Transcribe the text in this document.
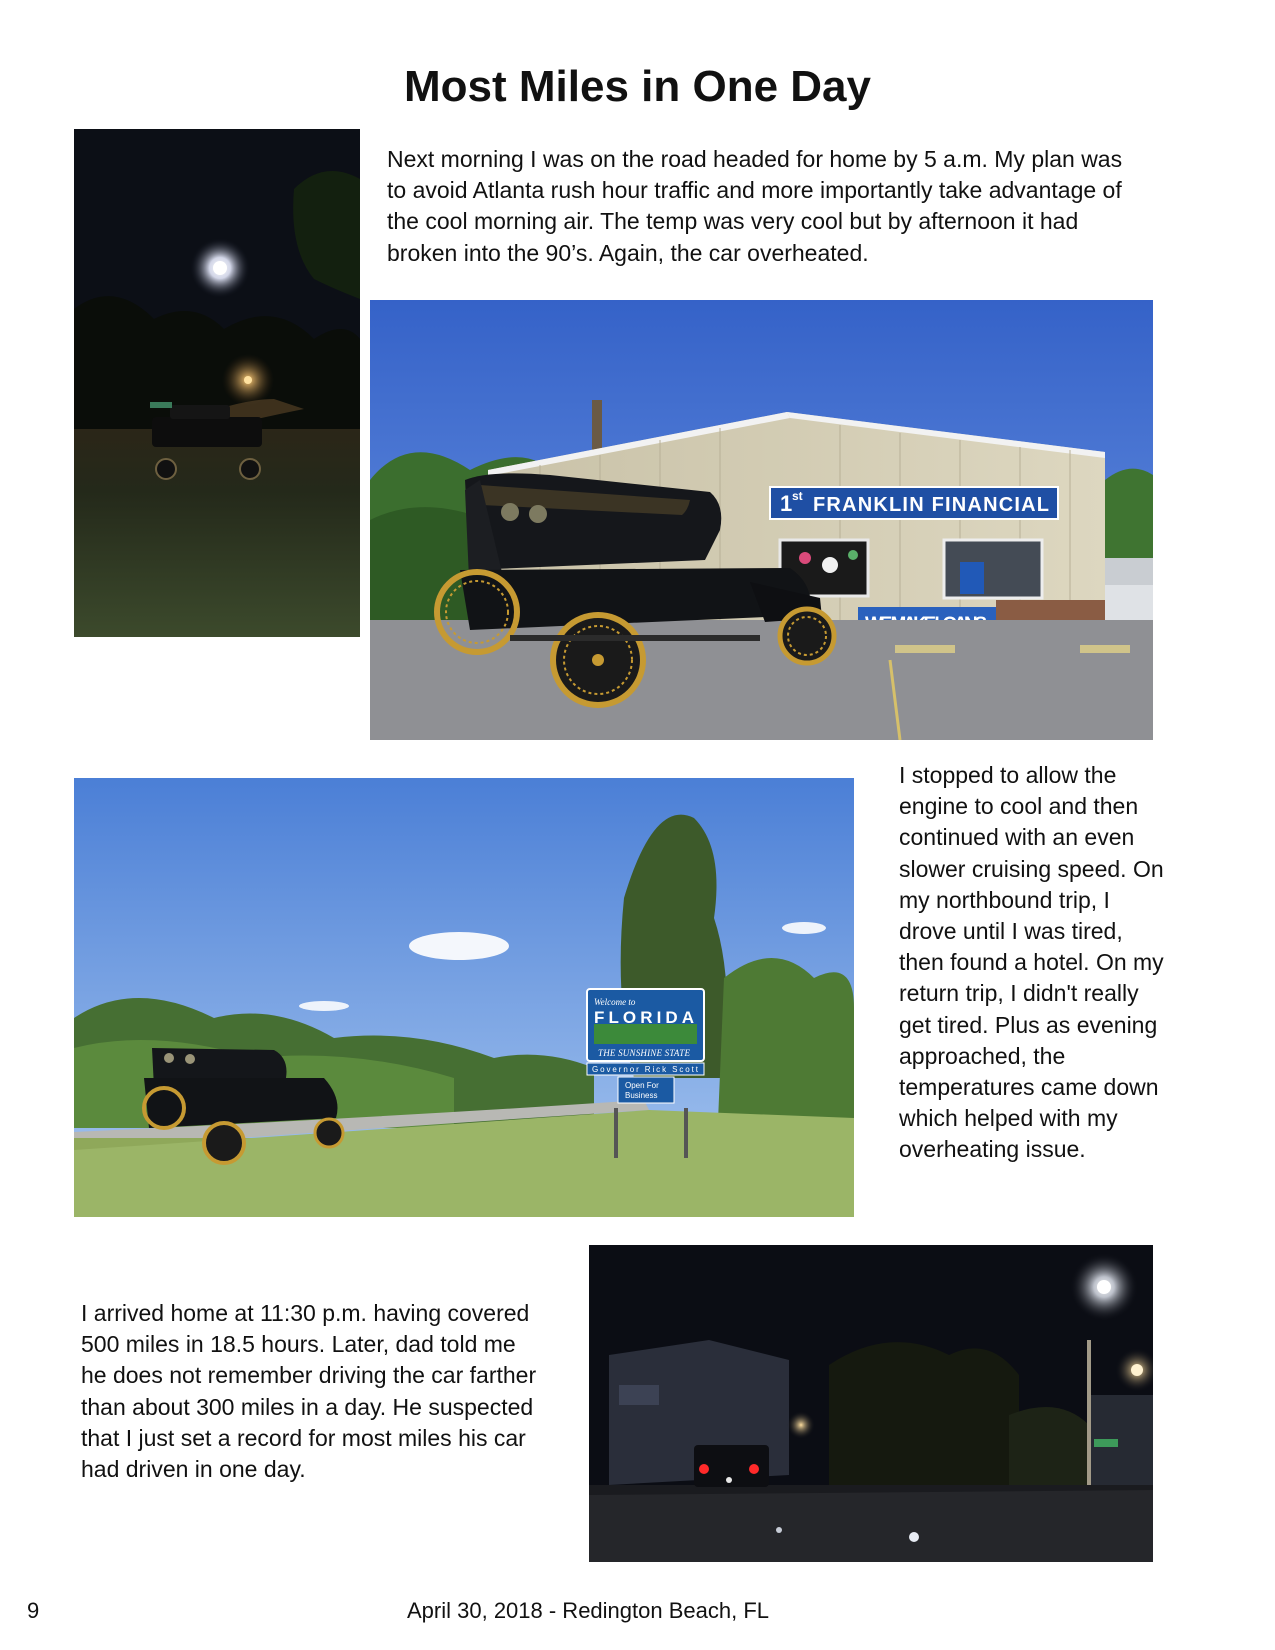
Most Miles in One Day

Next morning I was on the road headed for home by 5 a.m. My plan was to avoid Atlanta rush hour traffic and more importantly take advantage of the cool morning air. The temp was very cool but by afternoon it had broken into the 90’s. Again, the car overheated.

1 st FRANKLIN FINANCIAL
Welcome to
FLORIDA
THE SUNSHINE STATE
Governor Rick Scott
Open For
Business

I stopped to allow the engine to cool and then continued with an even slower cruising speed. On my northbound trip, I drove until I was tired, then found a hotel. On my return trip, I didn't really get tired. Plus as evening approached, the temperatures came down which helped with my overheating issue.

I arrived home at 11:30 p.m. having covered 500 miles in 18.5 hours. Later, dad told me he does not remember driving the car farther than about 300 miles in a day. He suspected that I just set a record for most miles his car had driven in one day.

9	April 30, 2018 - Redington Beach, FL
